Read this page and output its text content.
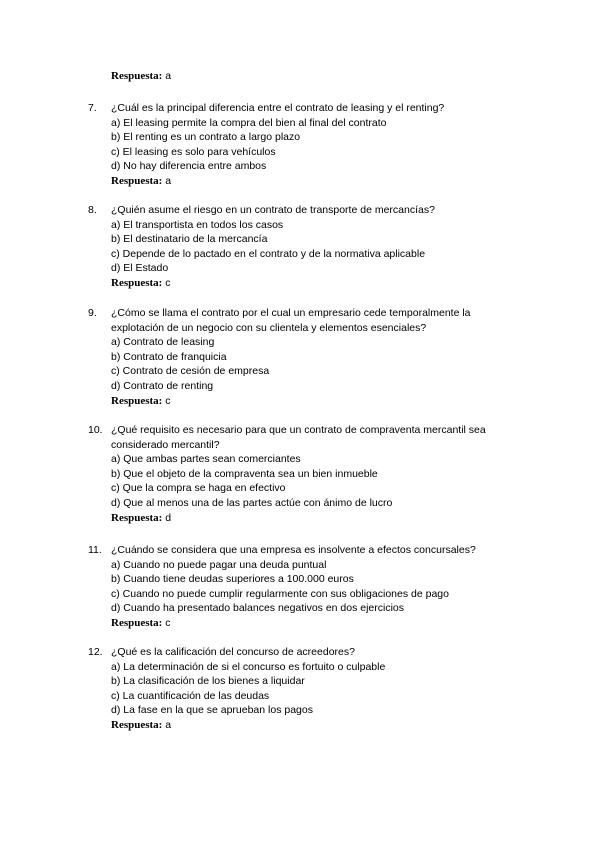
Respuesta: a
7. ¿Cuál es la principal diferencia entre el contrato de leasing y el renting?
a) El leasing permite la compra del bien al final del contrato
b) El renting es un contrato a largo plazo
c) El leasing es solo para vehículos
d) No hay diferencia entre ambos
Respuesta: a
8. ¿Quién asume el riesgo en un contrato de transporte de mercancías?
a) El transportista en todos los casos
b) El destinatario de la mercancía
c) Depende de lo pactado en el contrato y de la normativa aplicable
d) El Estado
Respuesta: c
9. ¿Cómo se llama el contrato por el cual un empresario cede temporalmente la explotación de un negocio con su clientela y elementos esenciales?
a) Contrato de leasing
b) Contrato de franquicia
c) Contrato de cesión de empresa
d) Contrato de renting
Respuesta: c
10. ¿Qué requisito es necesario para que un contrato de compraventa mercantil sea considerado mercantil?
a) Que ambas partes sean comerciantes
b) Que el objeto de la compraventa sea un bien inmueble
c) Que la compra se haga en efectivo
d) Que al menos una de las partes actúe con ánimo de lucro
Respuesta: d
11. ¿Cuándo se considera que una empresa es insolvente a efectos concursales?
a) Cuando no puede pagar una deuda puntual
b) Cuando tiene deudas superiores a 100.000 euros
c) Cuando no puede cumplir regularmente con sus obligaciones de pago
d) Cuando ha presentado balances negativos en dos ejercicios
Respuesta: c
12. ¿Qué es la calificación del concurso de acreedores?
a) La determinación de si el concurso es fortuito o culpable
b) La clasificación de los bienes a liquidar
c) La cuantificación de las deudas
d) La fase en la que se aprueban los pagos
Respuesta: a
